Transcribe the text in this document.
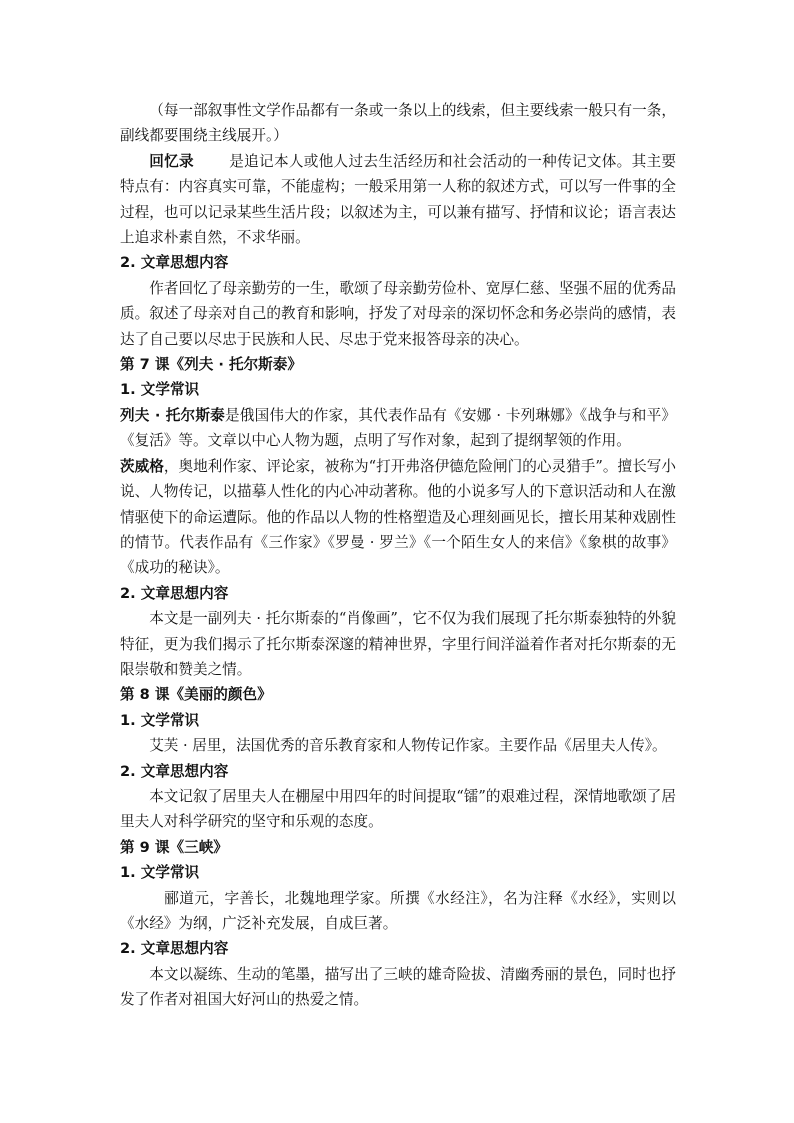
（每一部叙事性文学作品都有一条或一条以上的线索，但主要线索一般只有一条，副线都要围绕主线展开。）

回忆录 是追记本人或他人过去生活经历和社会活动的一种传记文体。其主要特点有：内容真实可靠，不能虚构；一般采用第一人称的叙述方式，可以写一件事的全过程，也可以记录某些生活片段；以叙述为主，可以兼有描写、抒情和议论；语言表达上追求朴素自然，不求华丽。

2. 文章思想内容

作者回忆了母亲勤劳的一生，歌颂了母亲勤劳俭朴、宽厚仁慈、坚强不屈的优秀品质。叙述了母亲对自己的教育和影响，抒发了对母亲的深切怀念和务必崇尚的感情，表达了自己要以尽忠于民族和人民、尽忠于党来报答母亲的决心。

第 7 课《列夫 · 托尔斯泰》

1. 文学常识

列夫 · 托尔斯泰是俄国伟大的作家，其代表作品有《安娜 · 卡列琳娜》《战争与和平》《复活》等。文章以中心人物为题，点明了写作对象，起到了提纲挈领的作用。

茨威格，奥地利作家、评论家，被称为“打开弗洛伊德危险闸门的心灵猎手”。擅长写小说、人物传记，以描摹人性化的内心冲动著称。他的小说多写人的下意识活动和人在激情驱使下的命运遭际。他的作品以人物的性格塑造及心理刻画见长，擅长用某种戏剧性的情节。代表作品有《三作家》《罗曼 · 罗兰》《一个陌生女人的来信》《象棋的故事》《成功的秘诀》。

2. 文章思想内容

本文是一副列夫 · 托尔斯泰的“肖像画”，它不仅为我们展现了托尔斯泰独特的外貌特征，更为我们揭示了托尔斯泰深邃的精神世界，字里行间洋溢着作者对托尔斯泰的无限崇敬和赞美之情。

第 8 课《美丽的颜色》

1. 文学常识

艾芙 · 居里，法国优秀的音乐教育家和人物传记作家。主要作品《居里夫人传》。

2. 文章思想内容

本文记叙了居里夫人在棚屋中用四年的时间提取“镭”的艰难过程，深情地歌颂了居里夫人对科学研究的坚守和乐观的态度。

第 9 课《三峡》

1. 文学常识

郦道元，字善长，北魏地理学家。所撰《水经注》，名为注释《水经》，实则以《水经》为纲，广泛补充发展，自成巨著。

2. 文章思想内容

本文以凝练、生动的笔墨，描写出了三峡的雄奇险拔、清幽秀丽的景色，同时也抒发了作者对祖国大好河山的热爱之情。
